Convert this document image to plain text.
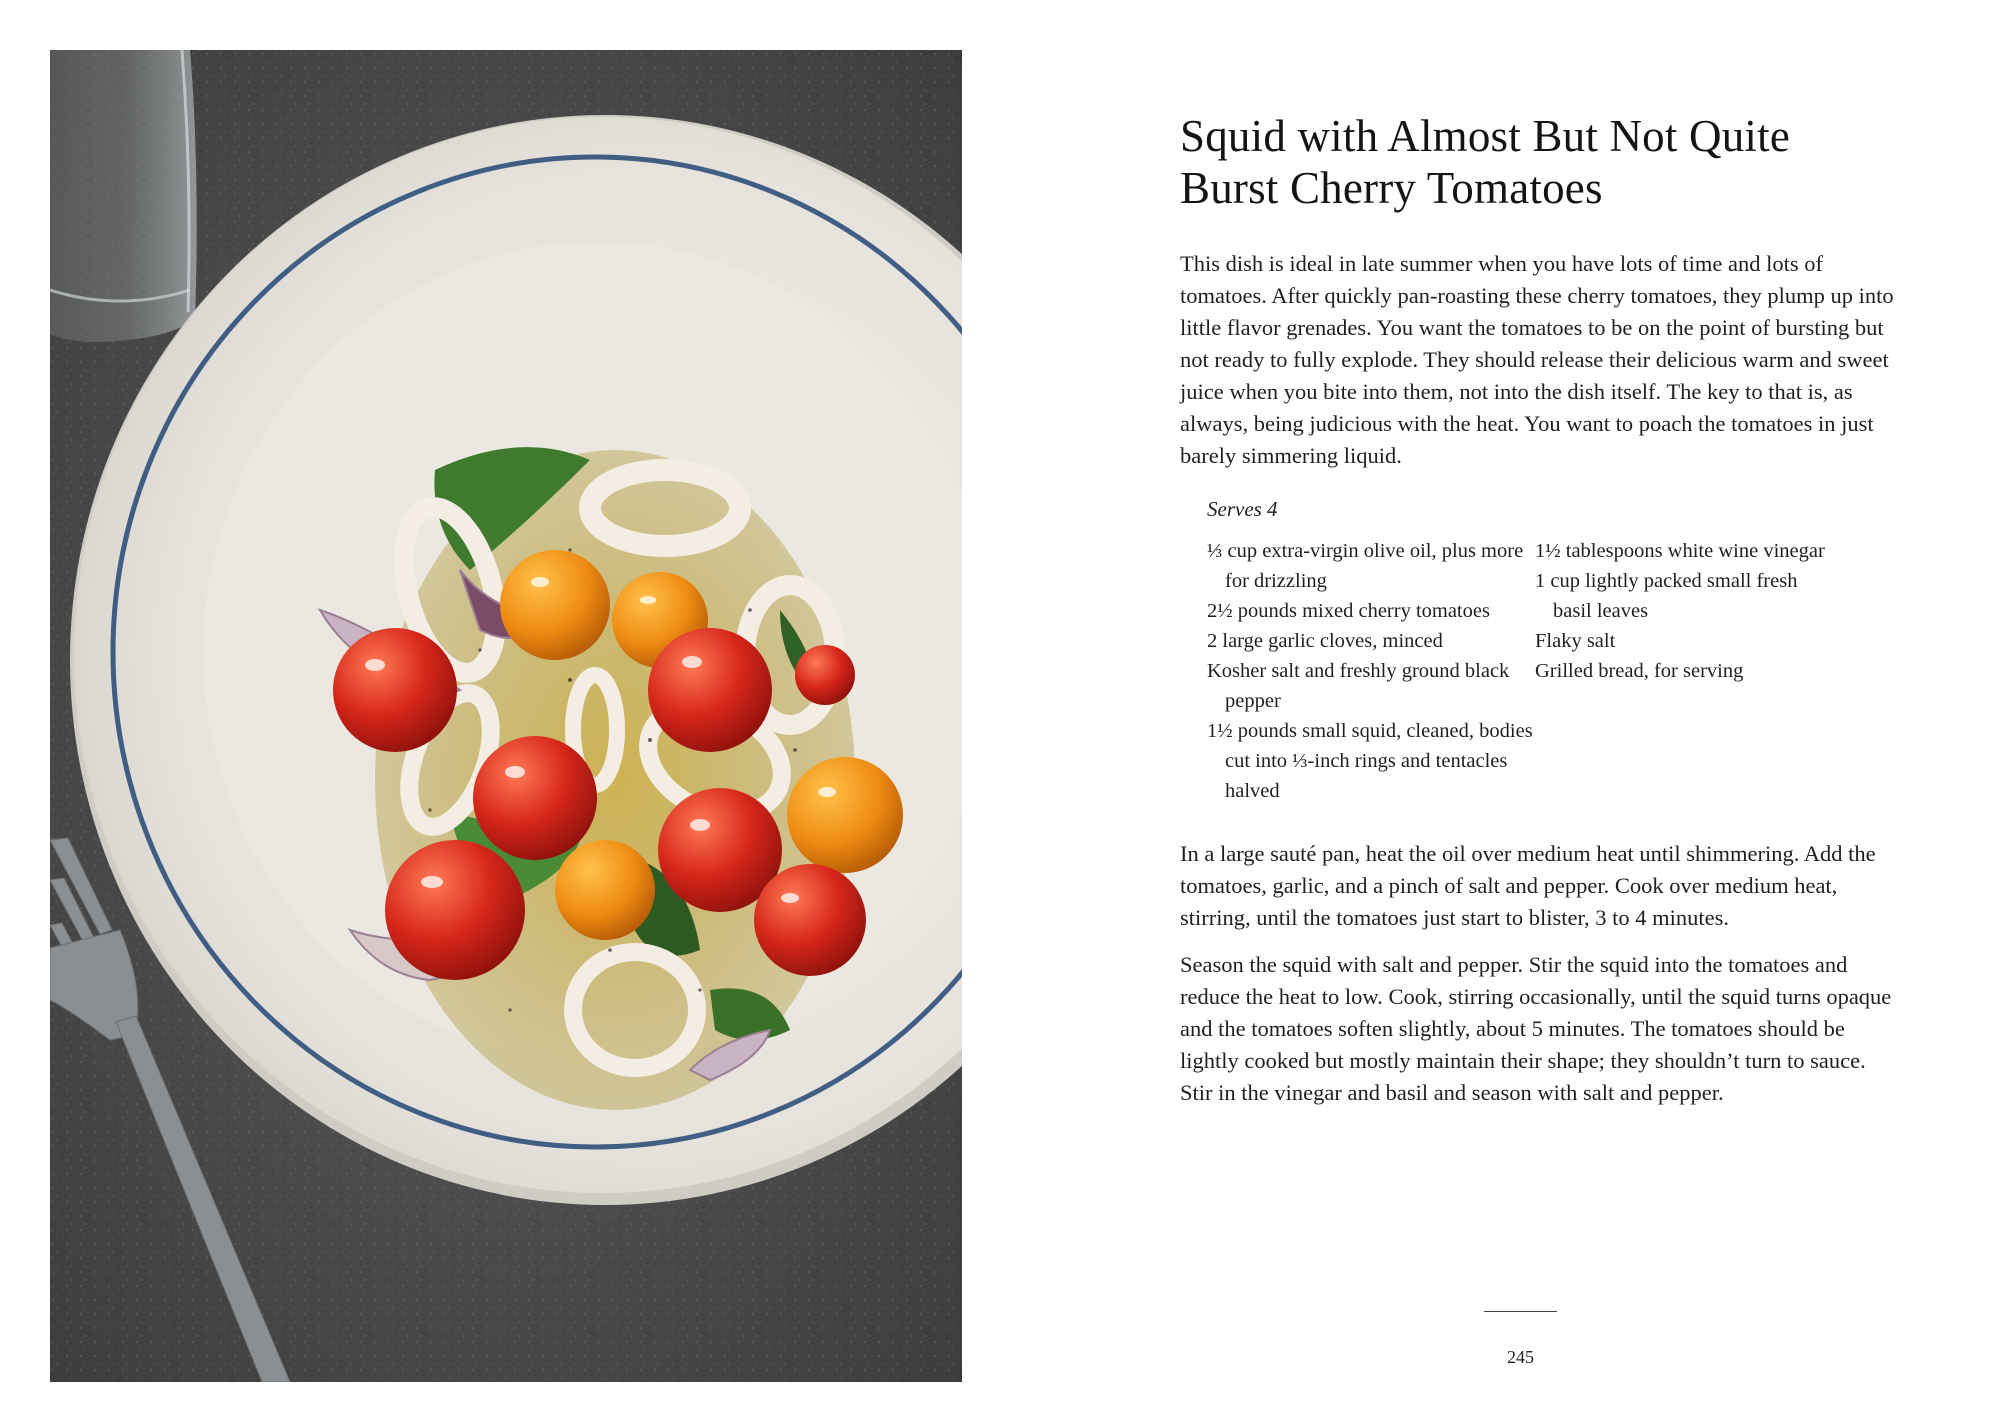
Squid with Almost But Not Quite
Burst Cherry Tomatoes

This dish is ideal in late summer when you have lots of time and lots of tomatoes. After quickly pan-roasting these cherry tomatoes, they plump up into little flavor grenades. You want the tomatoes to be on the point of bursting but not ready to fully explode. They should release their delicious warm and sweet juice when you bite into them, not into the dish itself. The key to that is, as always, being judicious with the heat. You want to poach the tomatoes in just barely simmering liquid.

Serves 4

⅓ cup extra-virgin olive oil, plus more for drizzling

2½ pounds mixed cherry tomatoes

2 large garlic cloves, minced

Kosher salt and freshly ground black pepper

1½ pounds small squid, cleaned, bodies cut into ⅓-inch rings and tentacles halved

1½ tablespoons white wine vinegar

1 cup lightly packed small fresh basil leaves

Flaky salt

Grilled bread, for serving

In a large sauté pan, heat the oil over medium heat until shimmering. Add the tomatoes, garlic, and a pinch of salt and pepper. Cook over medium heat, stirring, until the tomatoes just start to blister, 3 to 4 minutes.

Season the squid with salt and pepper. Stir the squid into the tomatoes and reduce the heat to low. Cook, stirring occasionally, until the squid turns opaque and the tomatoes soften slightly, about 5 minutes. The tomatoes should be lightly cooked but mostly maintain their shape; they shouldn’t turn to sauce. Stir in the vinegar and basil and season with salt and pepper.

245
